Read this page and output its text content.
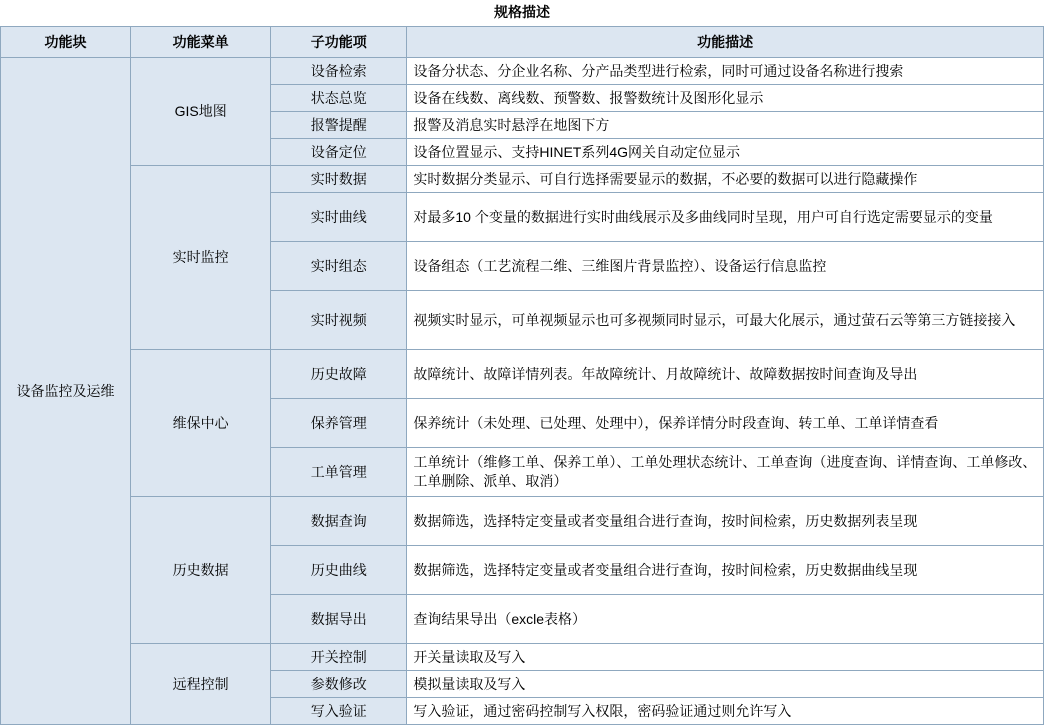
规格描述			
功能块	功能菜单	子功能项	功能描述
设备监控及运维	GIS地图	设备检索	设备分状态、分企业名称、分产品类型进行检索，同时可通过设备名称进行搜索
		状态总览	设备在线数、离线数、预警数、报警数统计及图形化显示
		报警提醒	报警及消息实时悬浮在地图下方
		设备定位	设备位置显示、支持HINET系列4G网关自动定位显示
	实时监控	实时数据	实时数据分类显示、可自行选择需要显示的数据，不必要的数据可以进行隐藏操作
		实时曲线	对最多10 个变量的数据进行实时曲线展示及多曲线同时呈现，用户可自行选定需要显示的变量
		实时组态	设备组态（工艺流程二维、三维图片背景监控）、设备运行信息监控
		实时视频	视频实时显示，可单视频显示也可多视频同时显示，可最大化展示，通过萤石云等第三方链接接入
	维保中心	历史故障	故障统计、故障详情列表。年故障统计、月故障统计、故障数据按时间查询及导出
		保养管理	保养统计（未处理、已处理、处理中），保养详情分时段查询、转工单、工单详情查看
		工单管理	工单统计（维修工单、保养工单）、工单处理状态统计、工单查询（进度查询、详情查询、工单修改、工单删除、派单、取消）
	历史数据	数据查询	数据筛选，选择特定变量或者变量组合进行查询，按时间检索，历史数据列表呈现
		历史曲线	数据筛选，选择特定变量或者变量组合进行查询，按时间检索，历史数据曲线呈现
		数据导出	查询结果导出（excle表格）
	远程控制	开关控制	开关量读取及写入
		参数修改	模拟量读取及写入
		写入验证	写入验证，通过密码控制写入权限，密码验证通过则允许写入
